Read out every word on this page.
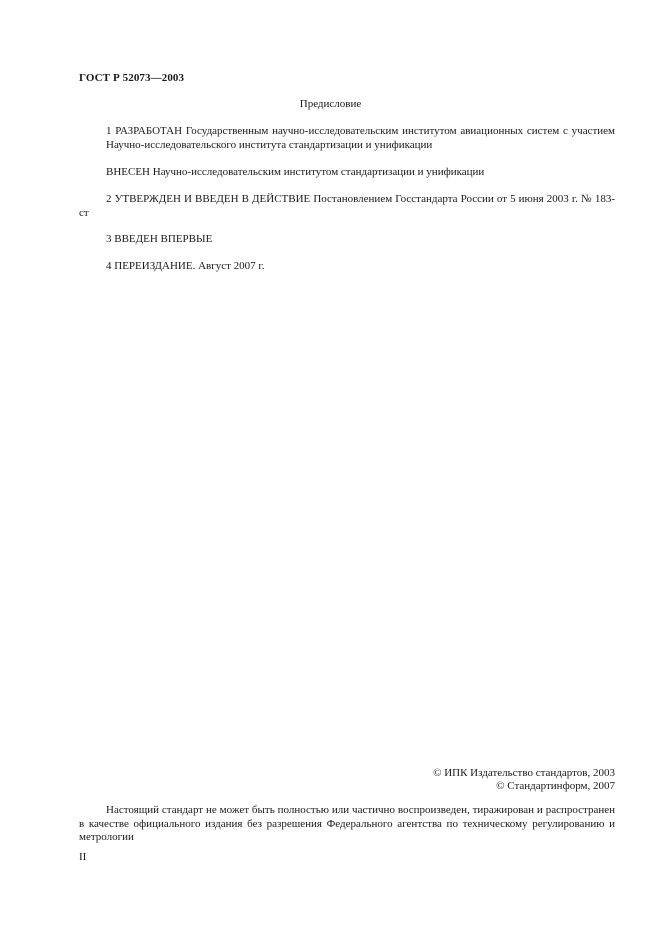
ГОСТ Р 52073—2003
Предисловие
1 РАЗРАБОТАН Государственным научно-исследовательским институтом авиационных систем с участием Научно-исследовательского института стандартизации и унификации
ВНЕСЕН Научно-исследовательским институтом стандартизации и унификации
2 УТВЕРЖДЕН И ВВЕДЕН В ДЕЙСТВИЕ Постановлением Госстандарта России от 5 июня 2003 г. № 183-ст
3 ВВЕДЕН ВПЕРВЫЕ
4 ПЕРЕИЗДАНИЕ. Август 2007 г.
© ИПК Издательство стандартов, 2003
© Стандартинформ, 2007
Настоящий стандарт не может быть полностью или частично воспроизведен, тиражирован и распространен в качестве официального издания без разрешения Федерального агентства по техническому регулированию и метрологии
II
